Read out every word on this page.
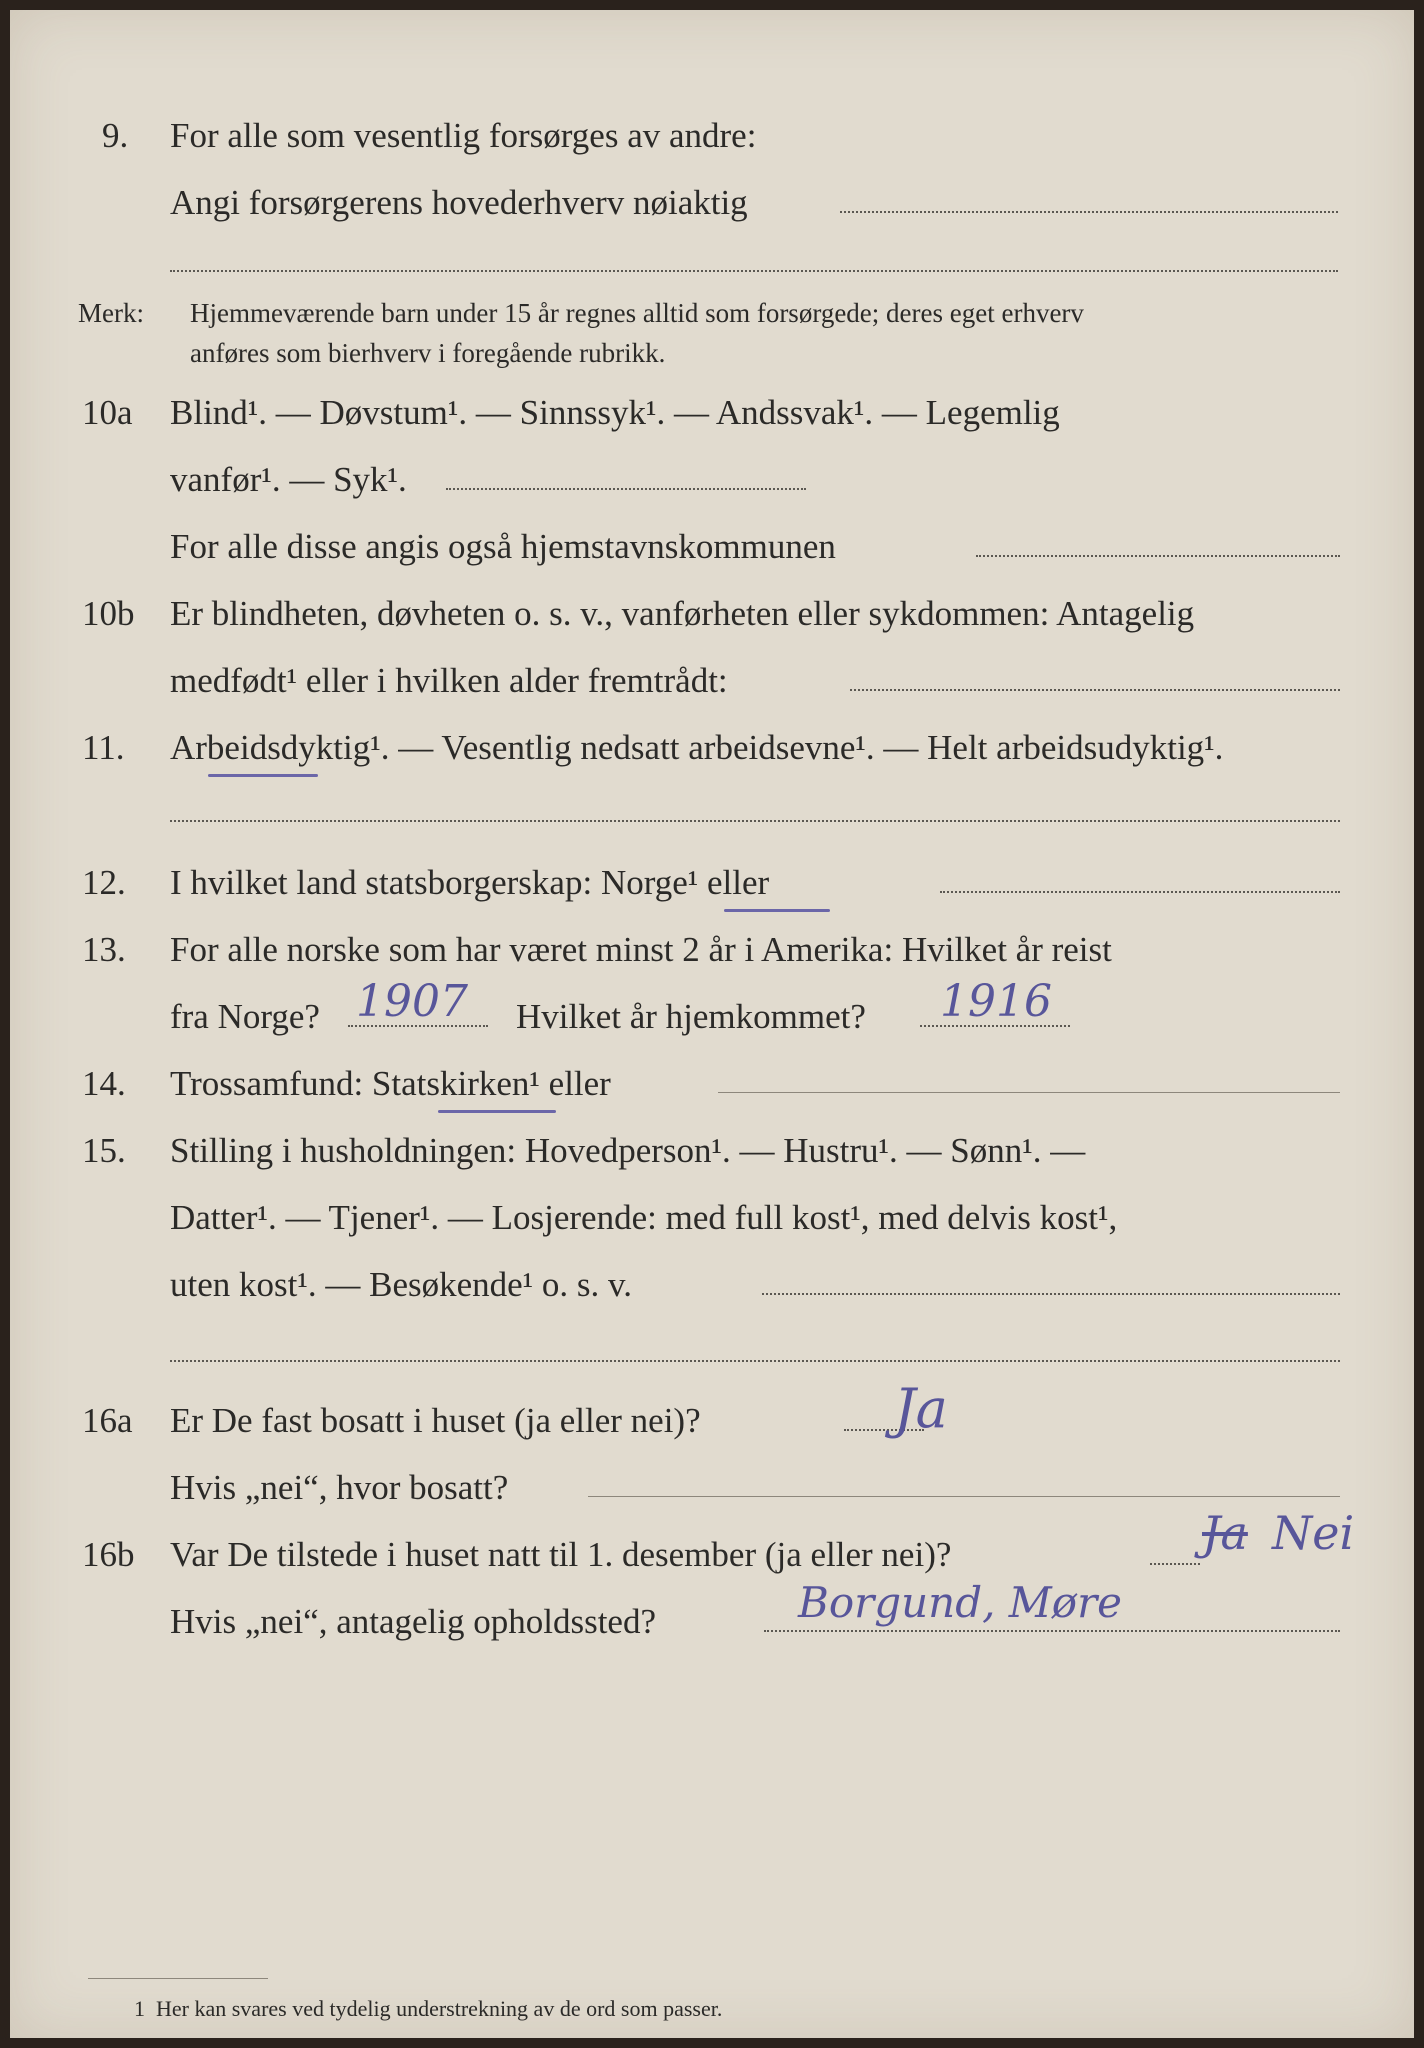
9. For alle som vesentlig forsørges av andre:
Angi forsørgerens hovederhverv nøiaktig
Merk: Hjemmeværende barn under 15 år regnes alltid som forsørgede; deres eget erhverv
anføres som bierhverv i foregående rubrikk.
10a Blind¹. — Døvstum¹. — Sinnssyk¹. — Andssvak¹. — Legemlig
vanfør¹. — Syk¹.
For alle disse angis også hjemstavnskommunen
10b Er blindheten, døvheten o. s. v., vanførheten eller sykdommen: Antagelig
medfødt¹ eller i hvilken alder fremtrådt:
11. Arbeidsdyktig¹. — Vesentlig nedsatt arbeidsevne¹. — Helt arbeidsudyktig¹.
12. I hvilket land statsborgerskap: Norge¹ eller
13. For alle norske som har været minst 2 år i Amerika: Hvilket år reist
fra Norge? 1907 Hvilket år hjemkommet? 1916
14. Trossamfund: Statskirken¹ eller
15. Stilling i husholdningen: Hovedperson¹. — Hustru¹. — Sønn¹. —
Datter¹. — Tjener¹. — Losjerende: med full kost¹, med delvis kost¹,
uten kost¹. — Besøkende¹ o. s. v.
16a Er De fast bosatt i huset (ja eller nei)?	Ja
Hvis „nei“, hvor bosatt?
16b Var De tilstede i huset natt til 1. desember (ja eller nei)?	Ja Nei
Hvis „nei“, antagelig opholdssted?	Borgund, Møre
1 Her kan svares ved tydelig understrekning av de ord som passer.
